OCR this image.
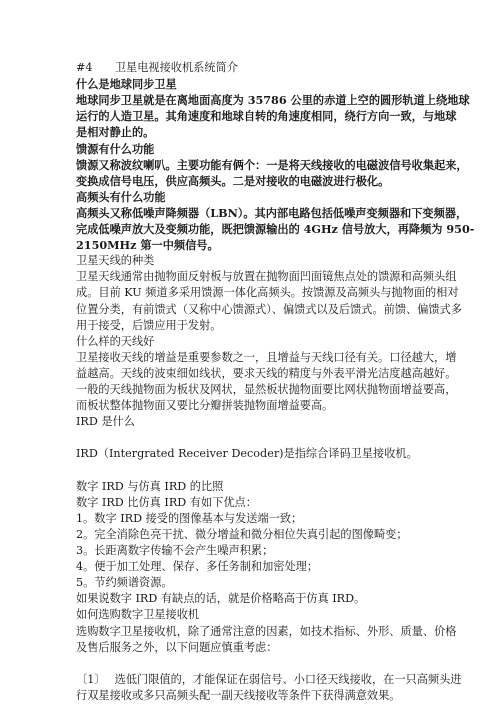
#4　　卫星电视接收机系统简介

什么是地球同步卫星

地球同步卫星就是在离地面高度为 35786 公里的赤道上空的圆形轨道上绕地球

运行的人造卫星。其角速度和地球自转的角速度相同，绕行方向一致，与地球

是相对静止的。

馈源有什么功能

馈源又称波纹喇叭。主要功能有俩个：一是将天线接收的电磁波信号收集起来，

变换成信号电压，供应高频头。二是对接收的电磁波进行极化。

高频头有什么功能

高频头又称低噪声降频器（LBN）。其内部电路包括低噪声变频器和下变频器，

完成低噪声放大及变频功能，既把馈源输出的 4GHz 信号放大，再降频为 950-

2150MHz 第一中频信号。

卫星天线的种类

卫星天线通常由抛物面反射板与放置在抛物面凹面镜焦点处的馈源和高频头组

成。目前 KU 频道多采用馈源一体化高频头。按馈源及高频头与抛物面的相对

位置分类，有前馈式（又称中心馈源式）、偏馈式以及后馈式。前馈、偏馈式多

用于接受，后馈应用于发射。

什么样的天线好

卫星接收天线的增益是重要参数之一，且增益与天线口径有关。口径越大，增

益越高。天线的波束细如线状，要求天线的精度与外表平滑光洁度越高越好。

一般的天线抛物面为板状及网状，显然板状抛物面要比网状抛物面增益要高，

而板状整体抛物面又要比分瓣拼装抛物面增益要高。

IRD 是什么

IRD（Intergrated Receiver Decoder)是指综合译码卫星接收机。

数字 IRD 与仿真 IRD 的比照

数字 IRD 比仿真 IRD 有如下优点：

1。数字 IRD 接受的图像基本与发送端一致；

2。完全消除色亮干扰、微分增益和微分相位失真引起的图像畸变；

3。长距离数字传输不会产生噪声积累；

4。便于加工处理、保存、多任务制和加密处理；

5。节约频谱资源。

如果说数字 IRD 有缺点的话，就是价格略高于仿真 IRD。

如何选购数字卫星接收机

选购数字卫星接收机，除了通常注意的因素，如技术指标、外形、质量、价格

及售后服务之外，以下问题应慎重考虑：

〔1〕　 选低门限值的，才能保证在弱信号、小口径天线接收，在一只高频头进

行双星接收或多只高频头配一副天线接收等条件下获得满意效果。
